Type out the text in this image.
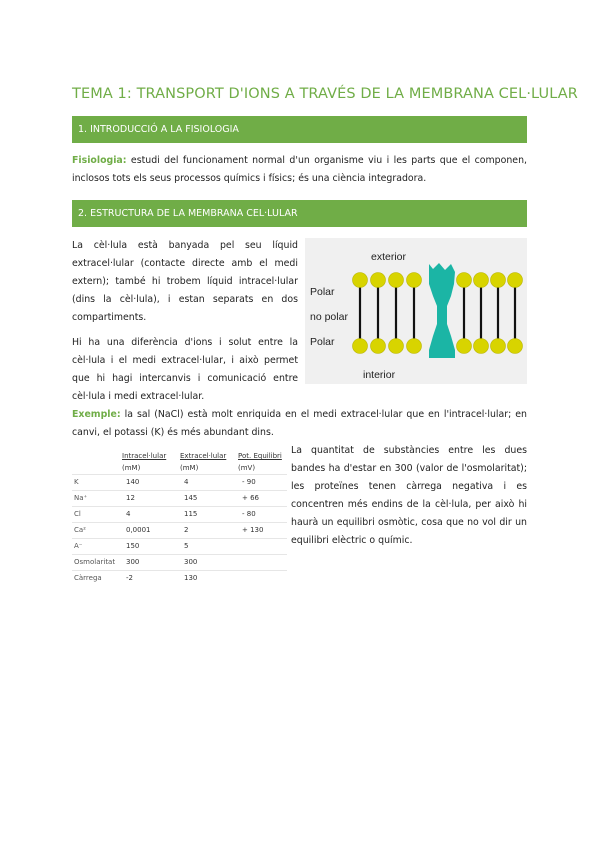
TEMA 1: TRANSPORT D'IONS A TRAVÉS DE LA MEMBRANA CEL·LULAR
1. INTRODUCCIÓ A LA FISIOLOGIA
Fisiologia: estudi del funcionament normal d'un organisme viu i les parts que el componen, inclosos tots els seus processos químics i físics; és una ciència integradora.
2. ESTRUCTURA DE LA MEMBRANA CEL·LULAR
La cèl·lula està banyada pel seu líquid extracel·lular (contacte directe amb el medi extern); també hi trobem líquid intracel·lular (dins la cèl·lula), i estan separats en dos compartiments.
Hi ha una diferència d'ions i solut entre la cèl·lula i el medi extracel·lular, i això permet que hi hagi intercanvis i comunicació entre cèl·lula i medi extracel·lular.
Exemple: la sal (NaCl) està molt enriquida en el medi extracel·lular que en l'intracel·lular; en canvi, el potassi (K) és més abundant dins.
exterior
Polar
no polar
Polar
interior
	Intracel·lular	Extracel·lular	Pot. Equilibri
	(mM)	(mM)	(mV)
K	140	4	- 90
Na⁺	12	145	+ 66
Cl	4	115	- 80
Ca²	0,0001	2	+ 130
A⁻	150	5	
Osmolaritat	300	300	
Càrrega	-2	130	
La quantitat de substàncies entre les dues bandes ha d'estar en 300 (valor de l'osmolaritat); les proteïnes tenen càrrega negativa i es concentren més endins de la cèl·lula, per això hi haurà un equilibri osmòtic, cosa que no vol dir un equilibri elèctric o químic.
